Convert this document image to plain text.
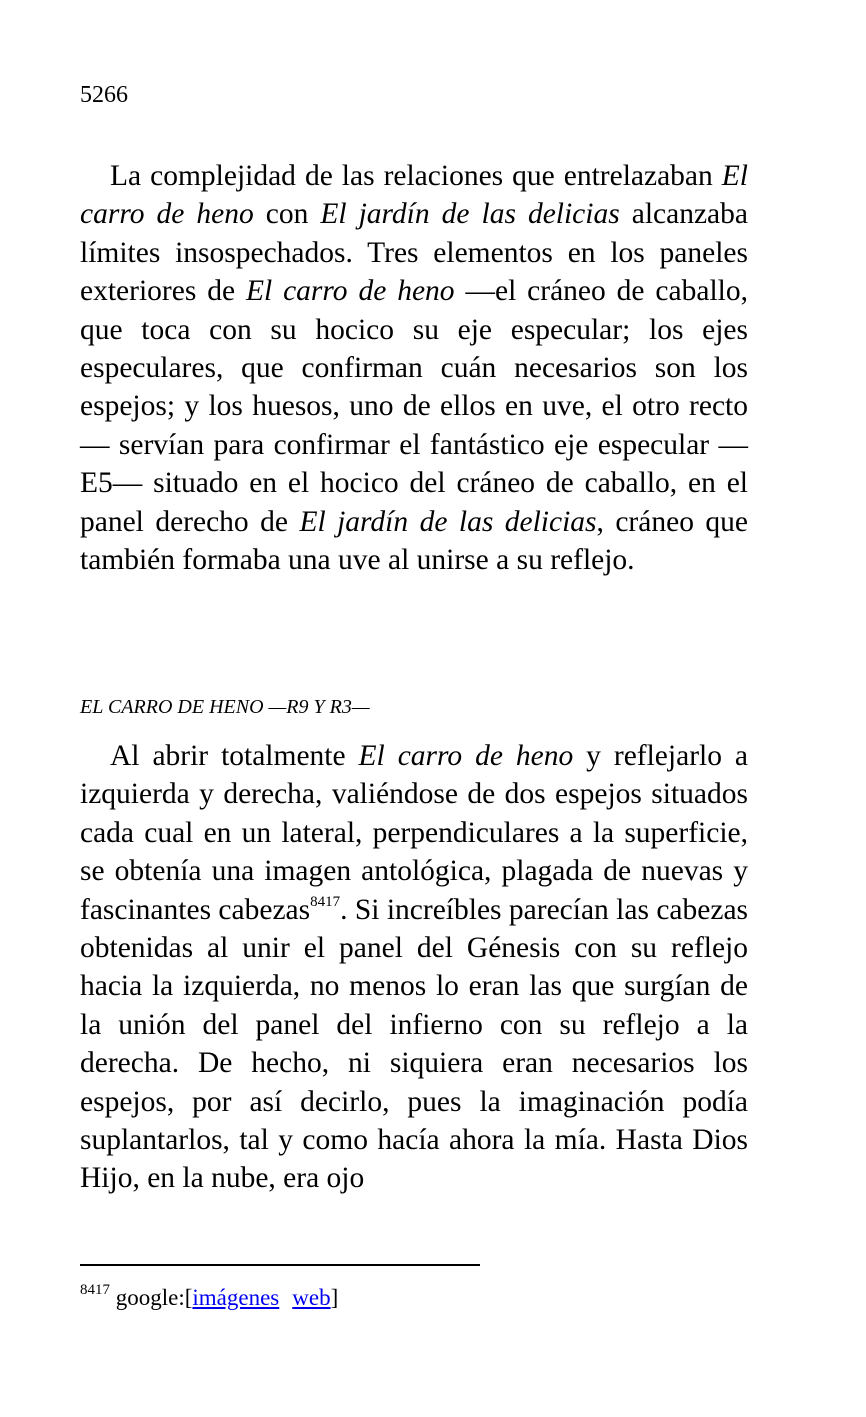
5266

La complejidad de las relaciones que entrelazaban El carro de heno con El jardín de las delicias alcanzaba límites insospechados. Tres elementos en los paneles exteriores de El carro de heno —el cráneo de caballo, que toca con su hocico su eje especular; los ejes especulares, que confirman cuán necesarios son los espejos; y los huesos, uno de ellos en uve, el otro recto— servían para confirmar el fantástico eje especular —E5— situado en el hocico del cráneo de caballo, en el panel derecho de El jardín de las delicias, cráneo que también formaba una uve al unirse a su reflejo.

EL CARRO DE HENO —R9 Y R3—

Al abrir totalmente El carro de heno y reflejarlo a izquierda y derecha, valiéndose de dos espejos situados cada cual en un lateral, perpendiculares a la superficie, se obtenía una imagen antológica, plagada de nuevas y fascinantes cabezas$^{8417}$. Si increíbles parecían las cabezas obtenidas al unir el panel del Génesis con su reflejo hacia la izquierda, no menos lo eran las que surgían de la unión del panel del infierno con su reflejo a la derecha. De hecho, ni siquiera eran necesarios los espejos, por así decirlo, pues la imaginación podía suplantarlos, tal y como hacía ahora la mía. Hasta Dios Hijo, en la nube, era ojo

$^{8417}$ google:[imágenes web]
